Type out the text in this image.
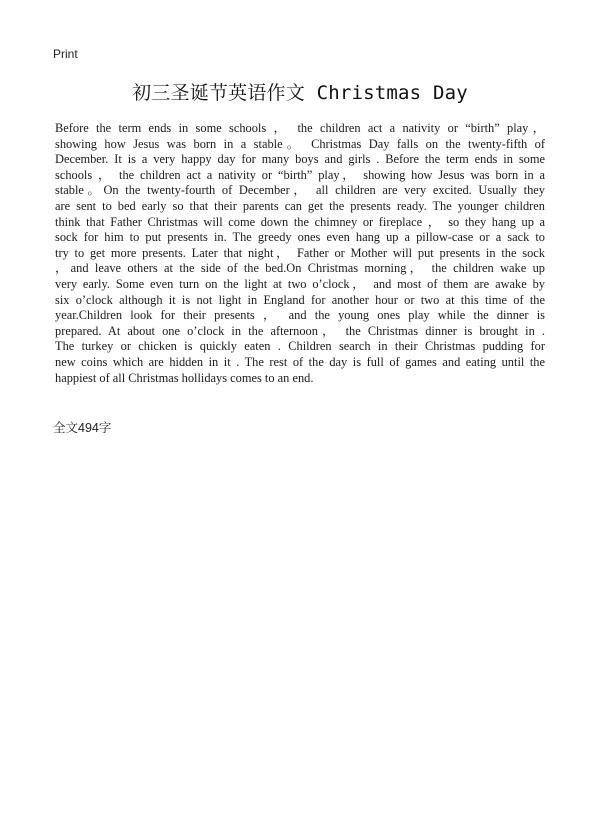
Print
初三圣诞节英语作文 Christmas Day
Before the term ends in some schools ， the children act a nativity or “birth” play，
showing how Jesus was born in a stable。 Christmas Day falls on the twenty-fifth of
December. It is a very happy day for many boys and girls . Before the term ends in some
schools ， the children act a nativity or “birth” play， showing how Jesus was born in a
stable。On the twenty-fourth of December， all children are very excited. Usually they
are sent to bed early so that their parents can get the presents ready. The younger children
think that Father Christmas will come down the chimney or fireplace ， so they hang up a
sock for him to put presents in. The greedy ones even hang up a pillow-case or a sack to
try to get more presents. Later that night， Father or Mother will put presents in the sock
，and leave others at the side of the bed.On Christmas morning， the children wake up
very early. Some even turn on the light at two o’clock， and most of them are awake by
six o’clock although it is not light in England for another hour or two at this time of the
year.Children look for their presents ， and the young ones play while the dinner is
prepared. At about one o’clock in the afternoon， the Christmas dinner is brought in .
The turkey or chicken is quickly eaten . Children search in their Christmas pudding for
new coins which are hidden in it . The rest of the day is full of games and eating until the
happiest of all Christmas hollidays comes to an end.
全文494字
